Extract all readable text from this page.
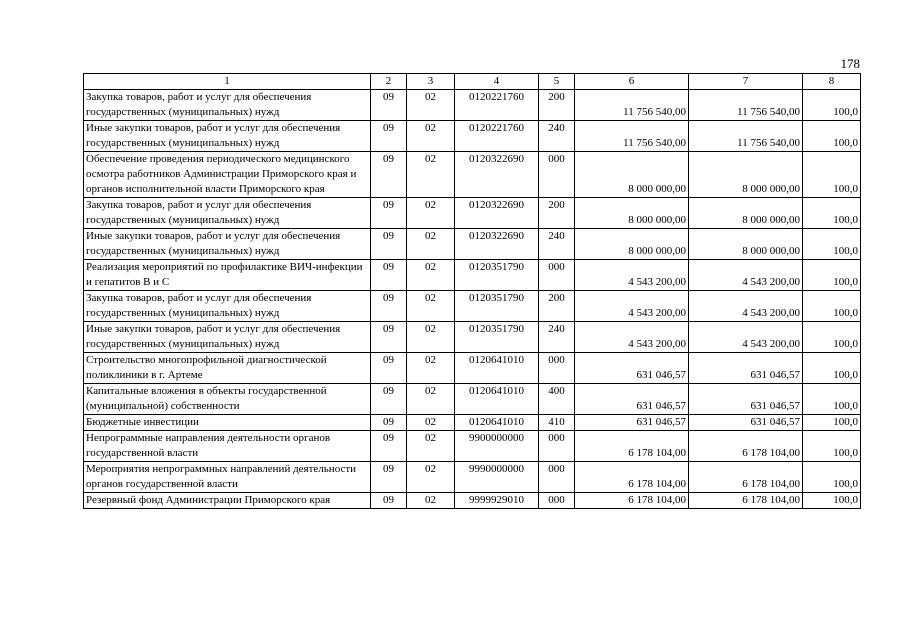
178
1	2	3	4	5	6	7	8
Закупка товаров, работ и услуг для обеспечения государственных (муниципальных) нужд	09	02	0120221760	200	11 756 540,00	11 756 540,00	100,0
Иные закупки товаров, работ и услуг для обеспечения государственных (муниципальных) нужд	09	02	0120221760	240	11 756 540,00	11 756 540,00	100,0
Обеспечение проведения периодического медицинского осмотра работников Администрации Приморского края и органов исполнительной власти Приморского края	09	02	0120322690	000	8 000 000,00	8 000 000,00	100,0
Закупка товаров, работ и услуг для обеспечения государственных (муниципальных) нужд	09	02	0120322690	200	8 000 000,00	8 000 000,00	100,0
Иные закупки товаров, работ и услуг для обеспечения государственных (муниципальных) нужд	09	02	0120322690	240	8 000 000,00	8 000 000,00	100,0
Реализация мероприятий по профилактике ВИЧ-инфекции и гепатитов B и C	09	02	0120351790	000	4 543 200,00	4 543 200,00	100,0
Закупка товаров, работ и услуг для обеспечения государственных (муниципальных) нужд	09	02	0120351790	200	4 543 200,00	4 543 200,00	100,0
Иные закупки товаров, работ и услуг для обеспечения государственных (муниципальных) нужд	09	02	0120351790	240	4 543 200,00	4 543 200,00	100,0
Строительство многопрофильной диагностической поликлиники в г. Артеме	09	02	0120641010	000	631 046,57	631 046,57	100,0
Капитальные вложения в объекты государственной (муниципальной) собственности	09	02	0120641010	400	631 046,57	631 046,57	100,0
Бюджетные инвестиции	09	02	0120641010	410	631 046,57	631 046,57	100,0
Непрограммные направления деятельности органов государственной власти	09	02	9900000000	000	6 178 104,00	6 178 104,00	100,0
Мероприятия непрограммных направлений деятельности органов государственной власти	09	02	9990000000	000	6 178 104,00	6 178 104,00	100,0
Резервный фонд Администрации Приморского края	09	02	9999929010	000	6 178 104,00	6 178 104,00	100,0
